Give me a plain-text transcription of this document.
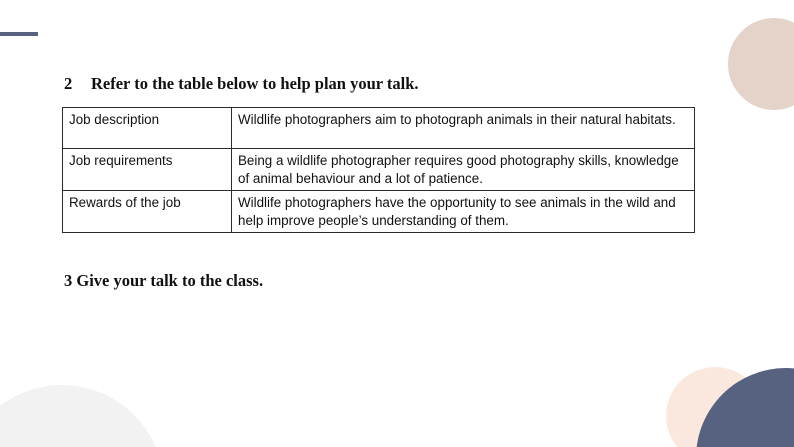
2 Refer to the table below to help plan your talk.

Job description	Wildlife photographers aim to photograph animals in their natural habitats.
Job requirements	Being a wildlife photographer requires good photography skills, knowledge of animal behaviour and a lot of patience.
Rewards of the job	Wildlife photographers have the opportunity to see animals in the wild and help improve people’s understanding of them.

3 Give your talk to the class.
